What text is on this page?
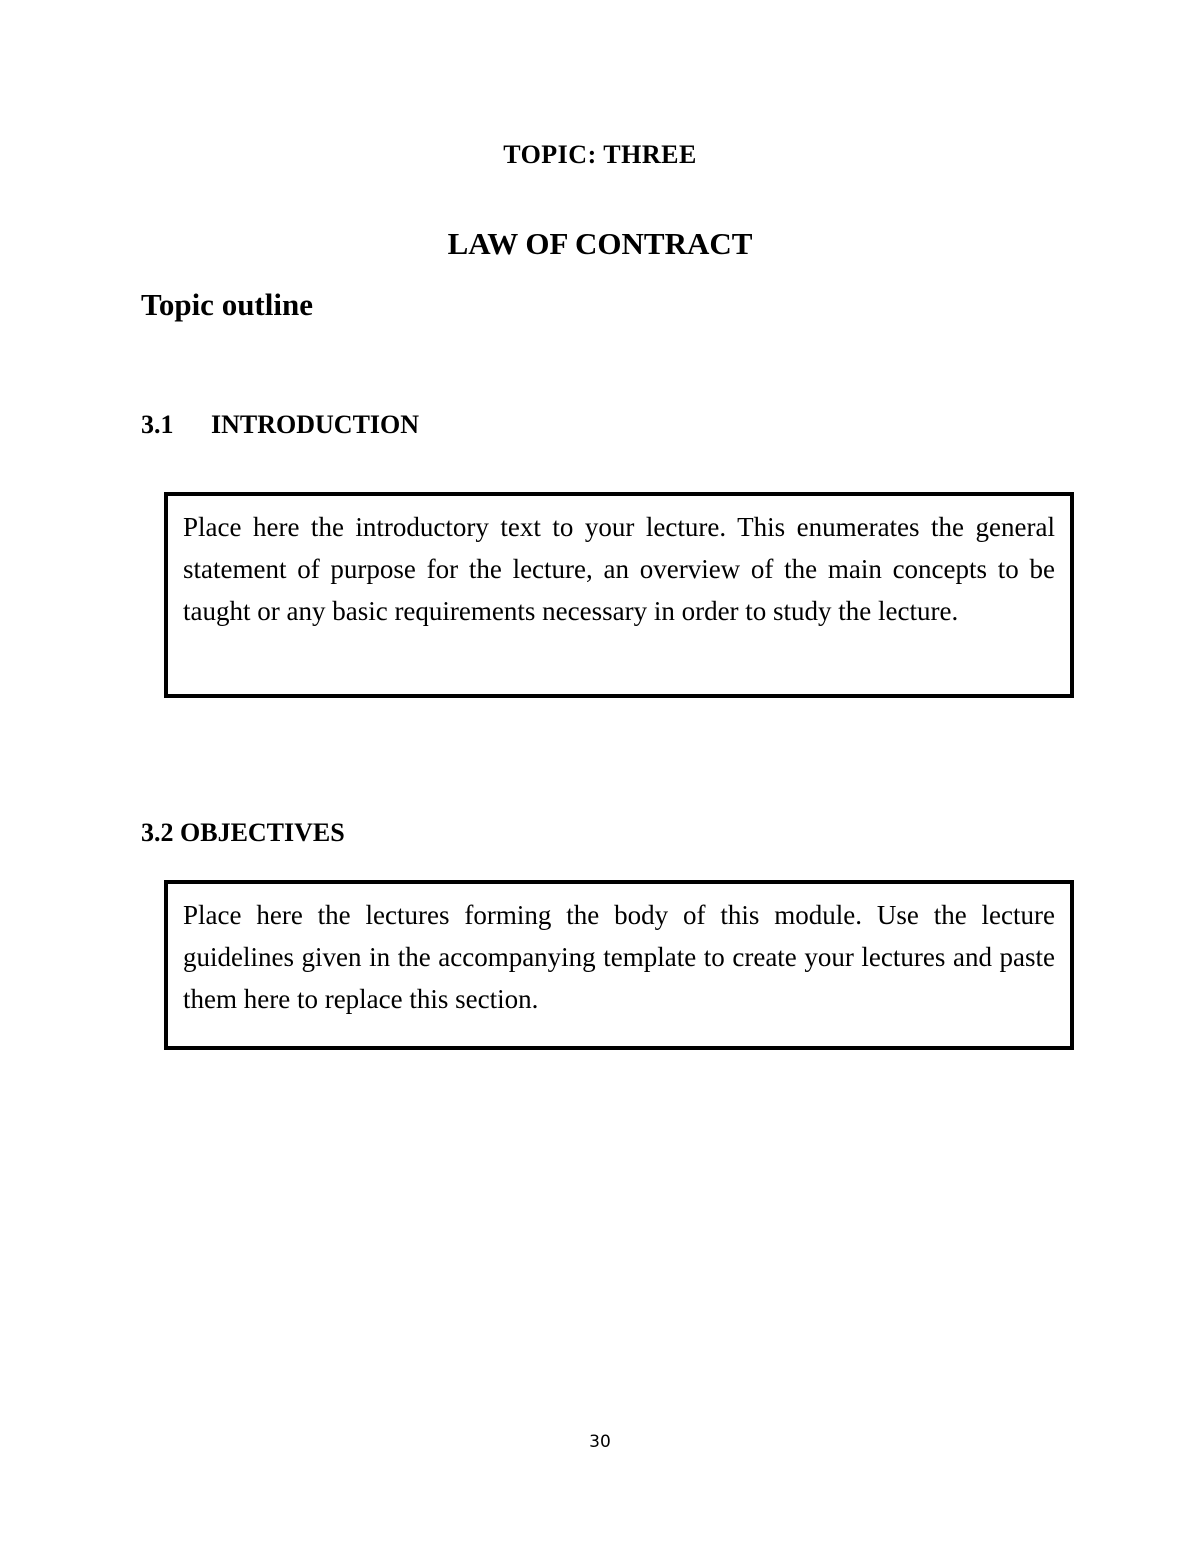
TOPIC: THREE
LAW OF CONTRACT
Topic outline
3.1 INTRODUCTION
Place here the introductory text to your lecture. This enumerates the general statement of purpose for the lecture, an overview of the main concepts to be taught or any basic requirements necessary in order to study the lecture.
3.2 OBJECTIVES
Place here the lectures forming the body of this module. Use the lecture guidelines given in the accompanying template to create your lectures and paste them here to replace this section.
30
